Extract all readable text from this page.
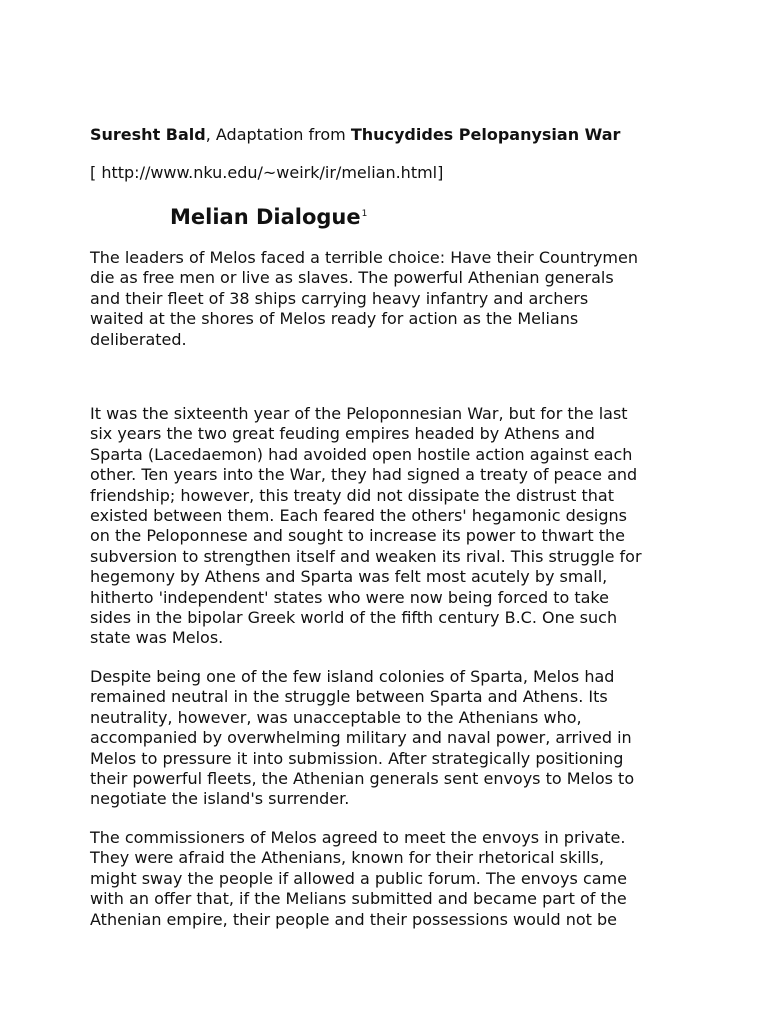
Suresht Bald, Adaptation from Thucydides Pelopanysian War
[ http://www.nku.edu/~weirk/ir/melian.html]
Melian Dialogue$^1$

The leaders of Melos faced a terrible choice: Have their Countrymen
die as free men or live as slaves. The powerful Athenian generals
and their fleet of 38 ships carrying heavy infantry and archers
waited at the shores of Melos ready for action as the Melians
deliberated.

It was the sixteenth year of the Peloponnesian War, but for the last
six years the two great feuding empires headed by Athens and
Sparta (Lacedaemon) had avoided open hostile action against each
other. Ten years into the War, they had signed a treaty of peace and
friendship; however, this treaty did not dissipate the distrust that
existed between them. Each feared the others' hegamonic designs
on the Peloponnese and sought to increase its power to thwart the
subversion to strengthen itself and weaken its rival. This struggle for
hegemony by Athens and Sparta was felt most acutely by small,
hitherto 'independent' states who were now being forced to take
sides in the bipolar Greek world of the fifth century B.C. One such
state was Melos.

Despite being one of the few island colonies of Sparta, Melos had
remained neutral in the struggle between Sparta and Athens. Its
neutrality, however, was unacceptable to the Athenians who,
accompanied by overwhelming military and naval power, arrived in
Melos to pressure it into submission. After strategically positioning
their powerful fleets, the Athenian generals sent envoys to Melos to
negotiate the island's surrender.

The commissioners of Melos agreed to meet the envoys in private.
They were afraid the Athenians, known for their rhetorical skills,
might sway the people if allowed a public forum. The envoys came
with an offer that, if the Melians submitted and became part of the
Athenian empire, their people and their possessions would not be
